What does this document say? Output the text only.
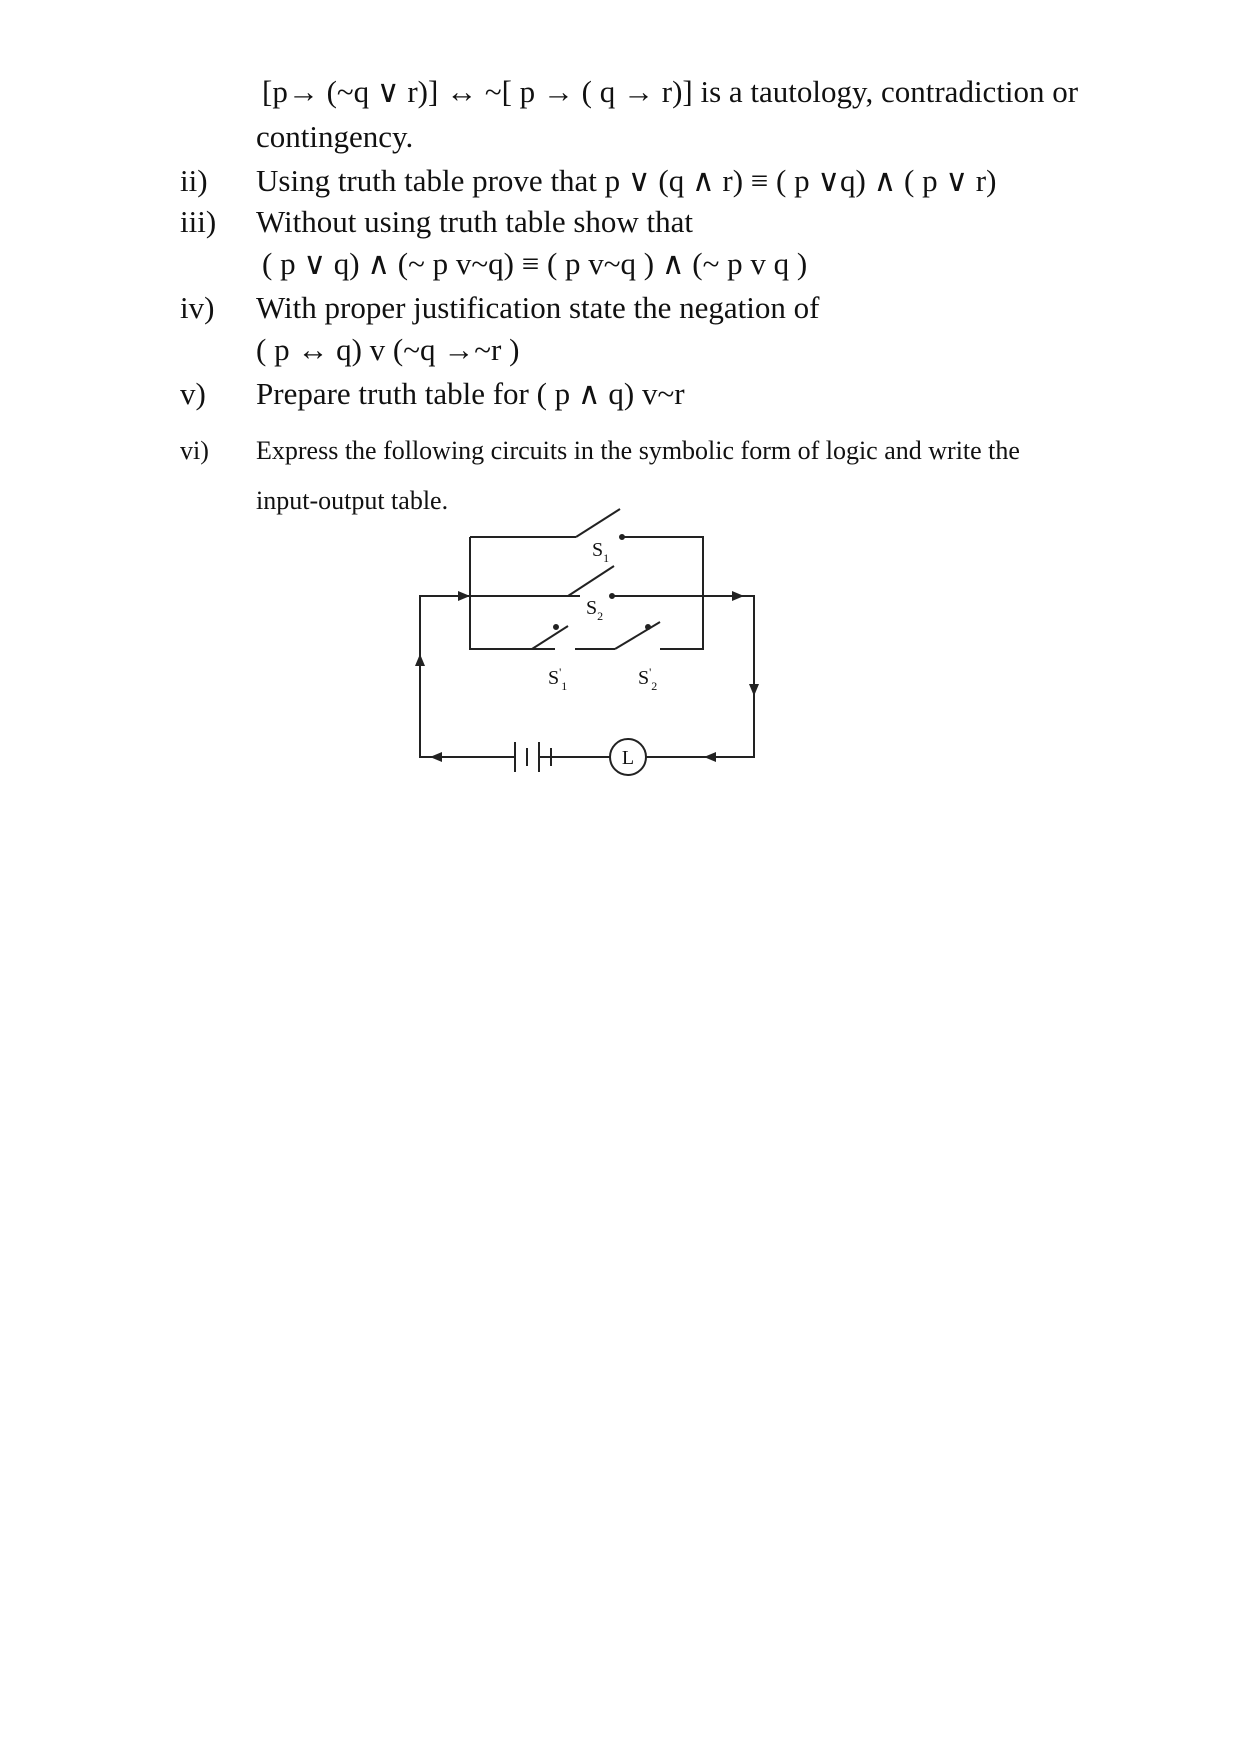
[p→ (~q ∨ r)] ↔ ~[ p → ( q → r)] is a tautology, contradiction or
contingency.
ii) Using truth table prove that p ∨ (q ∧ r) ≡ ( p ∨q) ∧ ( p ∨ r)
iii) Without using truth table show that
( p ∨ q) ∧ (~ p v~q) ≡ ( p v~q ) ∧ (~ p v q )
iv) With proper justification state the negation of
( p ↔ q) v (~q →~r )
v) Prepare truth table for ( p ∧ q) v~r
vi) Express the following circuits in the symbolic form of logic and write the
input-output table.
L
$S_1$
$S_2$
$S'_1$	$S'_2$
